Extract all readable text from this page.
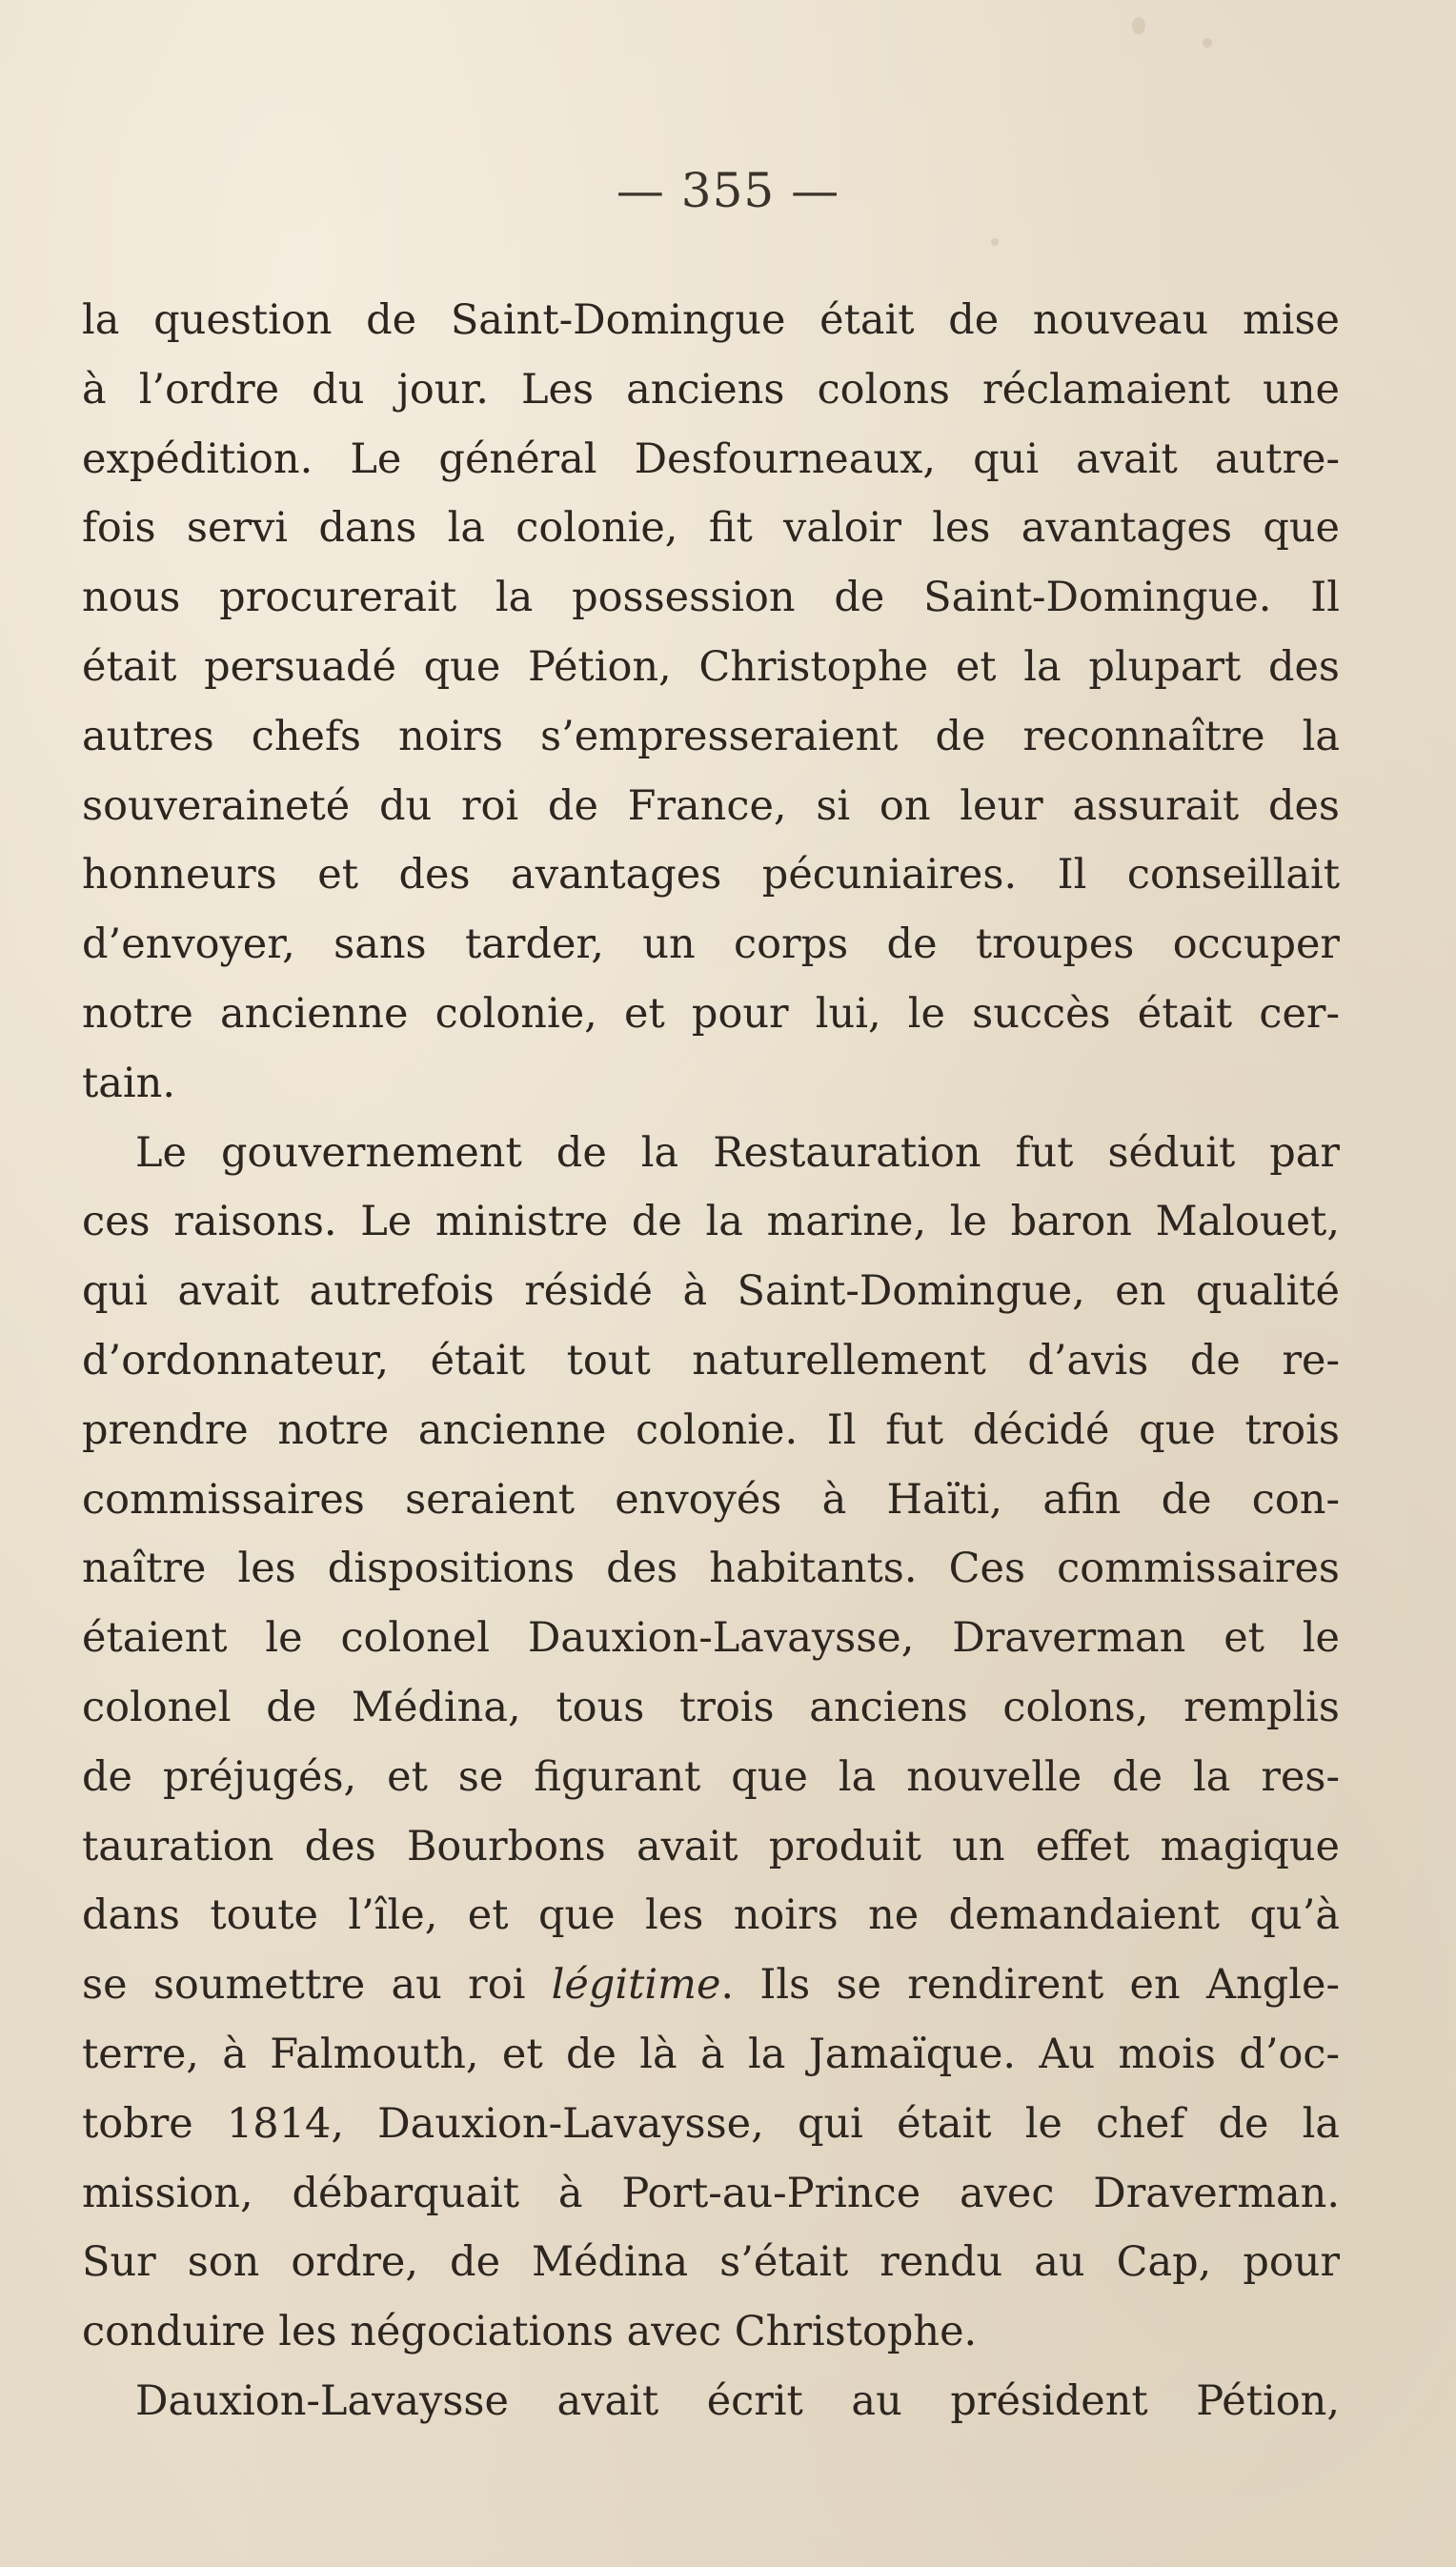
— 355 —
la question de Saint-Domingue était de nouveau mise
à l’ordre du jour. Les anciens colons réclamaient une
expédition. Le général Desfourneaux, qui avait autre-
fois servi dans la colonie, fit valoir les avantages que
nous procurerait la possession de Saint-Domingue. Il
était persuadé que Pétion, Christophe et la plupart des
autres chefs noirs s’empresseraient de reconnaître la
souveraineté du roi de France, si on leur assurait des
honneurs et des avantages pécuniaires. Il conseillait
d’envoyer, sans tarder, un corps de troupes occuper
notre ancienne colonie, et pour lui, le succès était cer-
tain.
Le gouvernement de la Restauration fut séduit par
ces raisons. Le ministre de la marine, le baron Malouet,
qui avait autrefois résidé à Saint-Domingue, en qualité
d’ordonnateur, était tout naturellement d’avis de re-
prendre notre ancienne colonie. Il fut décidé que trois
commissaires seraient envoyés à Haïti, afin de con-
naître les dispositions des habitants. Ces commissaires
étaient le colonel Dauxion-Lavaysse, Draverman et le
colonel de Médina, tous trois anciens colons, remplis
de préjugés, et se figurant que la nouvelle de la res-
tauration des Bourbons avait produit un effet magique
dans toute l’île, et que les noirs ne demandaient qu’à
se soumettre au roi légitime. Ils se rendirent en Angle-
terre, à Falmouth, et de là à la Jamaïque. Au mois d’oc-
tobre 1814, Dauxion-Lavaysse, qui était le chef de la
mission, débarquait à Port-au-Prince avec Draverman.
Sur son ordre, de Médina s’était rendu au Cap, pour
conduire les négociations avec Christophe.
Dauxion-Lavaysse avait écrit au président Pétion,
